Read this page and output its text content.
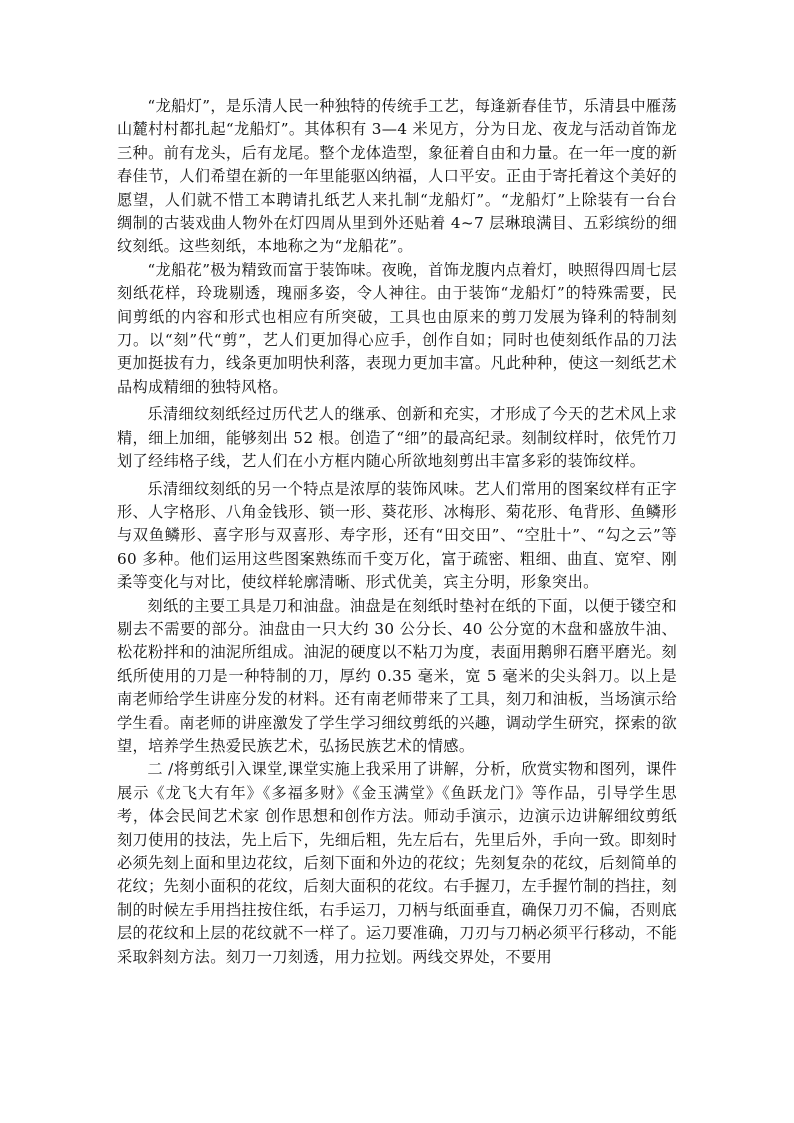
“龙船灯”，是乐清人民一种独特的传统手工艺，每逢新春佳节，乐清县中雁荡山麓村村都扎起“龙船灯”。其体积有 3—4 米见方，分为日龙、夜龙与活动首饰龙三种。前有龙头，后有龙尾。整个龙体造型，象征着自由和力量。在一年一度的新春佳节，人们希望在新的一年里能驱凶纳福，人口平安。正由于寄托着这个美好的愿望，人们就不惜工本聘请扎纸艺人来扎制“龙船灯”。“龙船灯”上除装有一台台绸制的古装戏曲人物外在灯四周从里到外还贴着 4~7 层琳琅满目、五彩缤纷的细纹刻纸。这些刻纸，本地称之为“龙船花”。

“龙船花”极为精致而富于装饰味。夜晚，首饰龙腹内点着灯，映照得四周七层刻纸花样，玲珑剔透，瑰丽多姿，令人神往。由于装饰“龙船灯”的特殊需要，民间剪纸的内容和形式也相应有所突破，工具也由原来的剪刀发展为锋利的特制刻刀。以“刻”代“剪”，艺人们更加得心应手，创作自如；同时也使刻纸作品的刀法更加挺拔有力，线条更加明快利落，表现力更加丰富。凡此种种，使这一刻纸艺术品构成精细的独特风格。

乐清细纹刻纸经过历代艺人的继承、创新和充实，才形成了今天的艺术风上求精，细上加细，能够刻出 52 根。创造了“细”的最高纪录。刻制纹样时，依凭竹刀划了经纬格子线，艺人们在小方框内随心所欲地刻剪出丰富多彩的装饰纹样。

乐清细纹刻纸的另一个特点是浓厚的装饰风味。艺人们常用的图案纹样有正字形、人字格形、八角金钱形、锁一形、葵花形、冰梅形、菊花形、龟背形、鱼鳞形与双鱼鳞形、喜字形与双喜形、寿字形，还有“田交田”、“空肚十”、“勾之云”等 60 多种。他们运用这些图案熟练而千变万化，富于疏密、粗细、曲直、宽窄、刚柔等变化与对比，使纹样轮廓清晰、形式优美，宾主分明，形象突出。

刻纸的主要工具是刀和油盘。油盘是在刻纸时垫衬在纸的下面，以便于镂空和剔去不需要的部分。油盘由一只大约 30 公分长、40 公分宽的木盘和盛放牛油、松花粉拌和的油泥所组成。油泥的硬度以不粘刀为度，表面用鹅卵石磨平磨光。刻纸所使用的刀是一种特制的刀，厚约 0.35 毫米，宽 5 毫米的尖头斜刀。以上是南老师给学生讲座分发的材料。还有南老师带来了工具，刻刀和油板，当场演示给学生看。南老师的讲座激发了学生学习细纹剪纸的兴趣，调动学生研究，探索的欲望，培养学生热爱民族艺术，弘扬民族艺术的情感。

二 /将剪纸引入课堂,课堂实施上我采用了讲解，分析，欣赏实物和图列，课件展示《龙飞大有年》《多福多财》《金玉满堂》《鱼跃龙门》等作品，引导学生思考，体会民间艺术家 创作思想和创作方法。师动手演示，边演示边讲解细纹剪纸刻刀使用的技法，先上后下，先细后粗，先左后右，先里后外，手向一致。即刻时必须先刻上面和里边花纹，后刻下面和外边的花纹；先刻复杂的花纹，后刻简单的花纹；先刻小面积的花纹，后刻大面积的花纹。右手握刀，左手握竹制的挡拄，刻制的时候左手用挡拄按住纸，右手运刀，刀柄与纸面垂直，确保刀刃不偏，否则底层的花纹和上层的花纹就不一样了。运刀要准确，刀刃与刀柄必须平行移动，不能采取斜刻方法。刻刀一刀刻透，用力拉划。两线交界处，不要用
